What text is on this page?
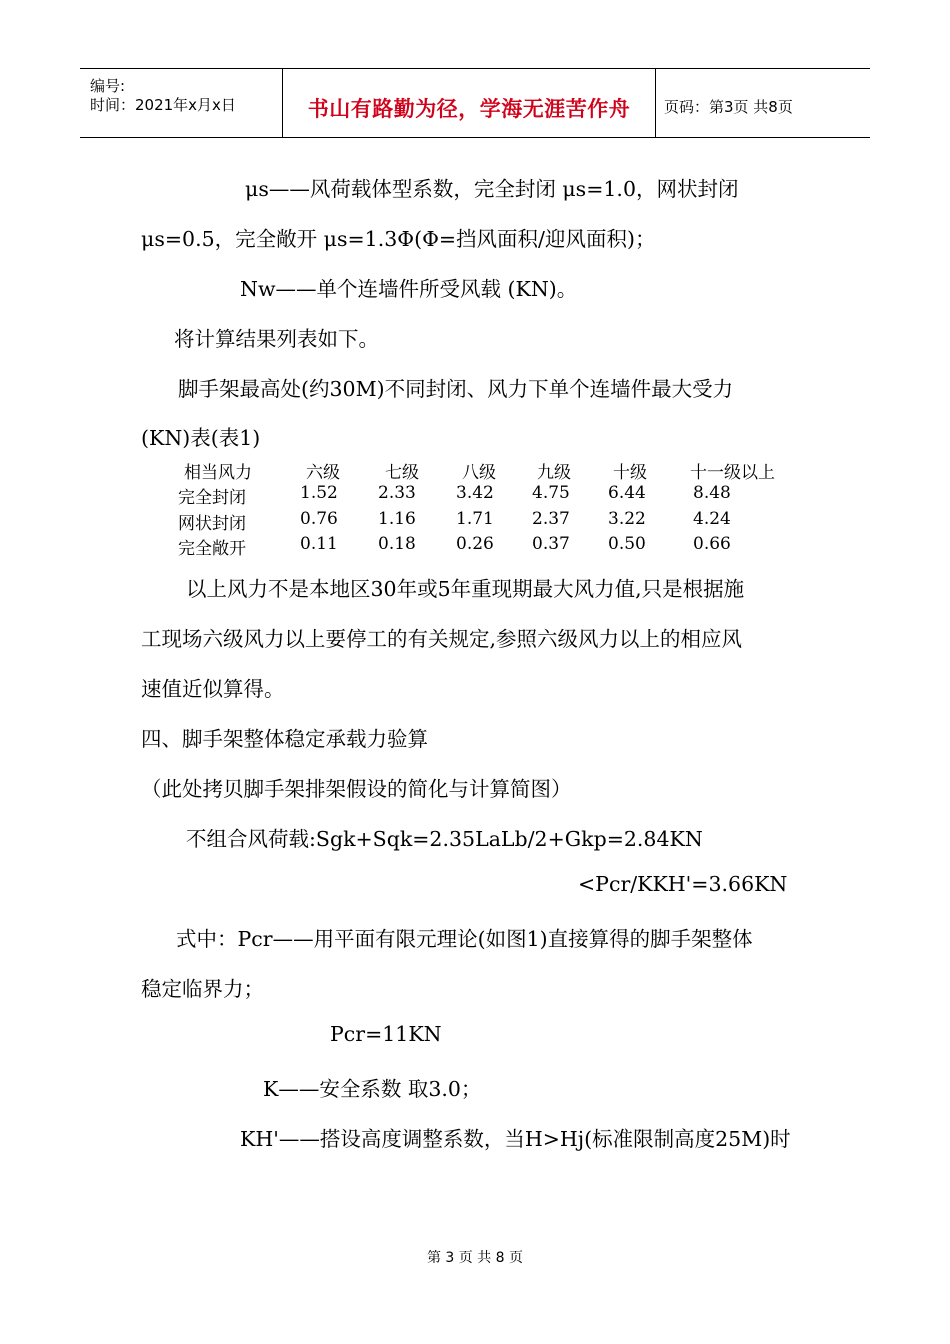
编号:
时间：2021年x月x日	书山有路勤为径，学海无涯苦作舟	页码：第3页 共8页
μs——风荷载体型系数，完全封闭 μs=1.0，网状封闭
μs=0.5，完全敞开 μs=1.3Φ(Φ=挡风面积/迎风面积)；
Nw——单个连墙件所受风载 (KN)。
将计算结果列表如下。
脚手架最高处(约30M)不同封闭、风力下单个连墙件最大受力
(KN)表(表1)
相当风力	六级	七级	八级 九级 十级	十一级以上
完全封闭	1.52 2.33 3.42 4.75 6.44	8.48
网状封闭	0.76 1.16 1.71 2.37 3.22	4.24
完全敞开	0.11 0.18 0.26 0.37 0.50	0.66
以上风力不是本地区30年或5年重现期最大风力值,只是根据施
工现场六级风力以上要停工的有关规定,参照六级风力以上的相应风
速值近似算得。
四、脚手架整体稳定承载力验算
（此处拷贝脚手架排架假设的简化与计算简图）
不组合风荷载:Sgk+Sqk=2.35LaLb/2+Gkp=2.84KN
<Pcr/KKH'=3.66KN
式中：Pcr——用平面有限元理论(如图1)直接算得的脚手架整体
稳定临界力；
Pcr=11KN
K——安全系数 取3.0；
KH'——搭设高度调整系数，当H>Hj(标准限制高度25M)时
第 3 页 共 8 页
